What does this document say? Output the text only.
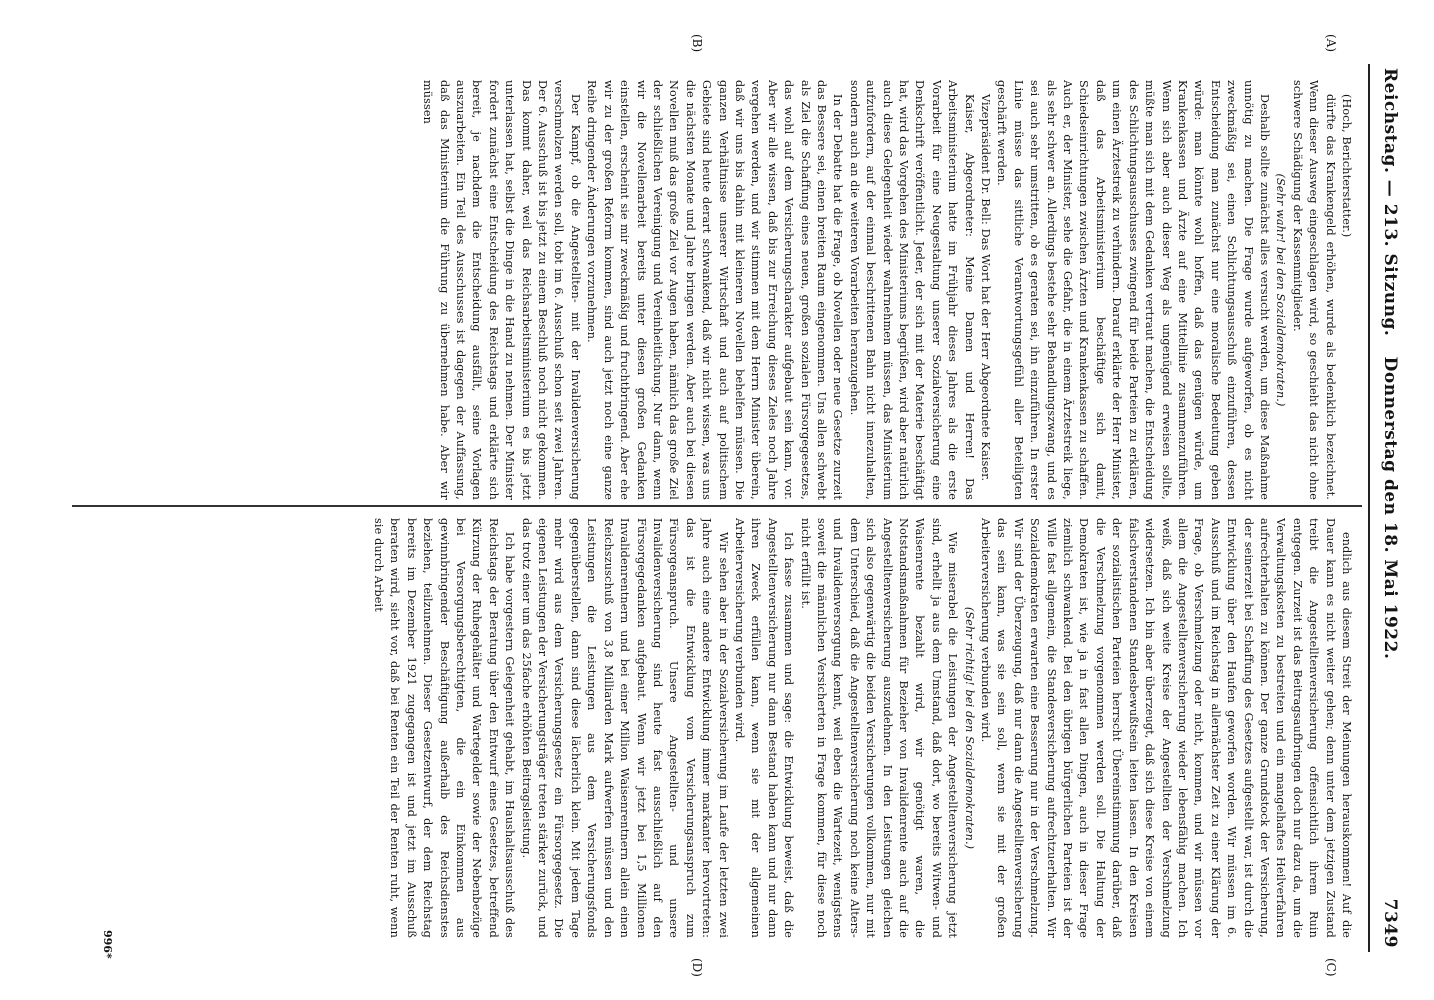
Reichstag. — 213. Sitzung.
Donnerstag den 18. Mai 1922.
7349
(A)
(B)
(C)
(D)

(Hoch, Berichterstatter.)

dürfte das Krankengeld erhöhen, wurde als bedenklich bezeichnet. Wenn dieser Ausweg eingeschlagen wird, so geschieht das nicht ohne schwere Schädigung der Kassenmitglieder.

(Sehr wahr! bei den Sozialdemokraten.)

Deshalb sollte zunächst alles versucht werden, um diese Maßnahme unnötig zu machen. Die Frage wurde aufgeworfen, ob es nicht zweckmäßig sei, einen Schlichtungsausschuß einzuführen, dessen Entscheidung man zunächst nur eine moralische Bedeutung geben würde: man könnte wohl hoffen, daß das genügen würde, um Krankenkassen und Ärzte auf eine Mittellinie zusammenzuführen. Wenn sich aber auch dieser Weg als ungenügend erweisen sollte, müßte man sich mit dem Gedanken vertraut machen, die Entscheidung des Schlichtungsausschusses zwingend für beide Parteien zu erklären, um einen Ärztestreik zu verhindern. Darauf erklärte der Herr Minister, daß das Arbeitsministerium beschäftige sich damit, Schiedseinrichtungen zwischen Ärzten und Krankenkassen zu schaffen. Auch er, der Minister, sehe die Gefahr, die in einem Ärztestreik liege, als sehr schwer an. Allerdings bestehe sehr Behandlungszwang, und es sei auch sehr umstritten, ob es geraten sei, ihn einzuführen. In erster Linie müsse das sittliche Verantwortungsgefühl aller Beteiligten geschärft werden.

Vizepräsident Dr. Bell: Das Wort hat der Herr Abgeordnete Kaiser.

Kaiser, Abgeordneter: Meine Damen und Herren! Das Arbeitsministerium hatte im Frühjahr dieses Jahres als die erste Vorarbeit für eine Neugestaltung unserer Sozialversicherung eine Denkschrift veröffentlicht. Jeder, der sich mit der Materie beschäftigt hat, wird das Vorgehen des Ministeriums begrüßen, wird aber natürlich auch diese Gelegenheit wieder wahrnehmen müssen, das Ministerium aufzufordern, auf der einmal beschrittenen Bahn nicht innezuhalten, sondern auch an die weiteren Vorarbeiten heranzugehen.

In der Debatte hat die Frage, ob Novellen oder neue Gesetze zurzeit das Bessere sei, einen breiten Raum eingenommen. Uns allen schwebt als Ziel die Schaffung eines neuen, großen sozialen Fürsorgegesetzes, das wohl auf dem Versicherungscharakter aufgebaut sein kann, vor. Aber wir alle wissen, daß bis zur Erreichung dieses Zieles noch Jahre vergehen werden, und wir stimmen mit dem Herrn Minister überein, daß wir uns bis dahin mit kleineren Novellen behelfen müssen. Die ganzen Verhältnisse unserer Wirtschaft und auch auf politischem Gebiete sind heute derart schwankend, daß wir nicht wissen, was uns die nächsten Monate und Jahre bringen werden. Aber auch bei diesen Novellen muß das große Ziel vor Augen haben, nämlich das große Ziel der schließlichen Vereinigung und Vereinheitlichung. Nur dann, wenn wir die Novellenarbeit bereits unter diesen großen Gedanken einstellen, erscheint sie mir zweckmäßig und fruchtbringend. Aber ehe wir zu der großen Reform kommen, sind auch jetzt noch eine ganze Reihe dringender Änderungen vorzunehmen.

Der Kampf, ob die Angestellten- mit der Invalidenversicherung verschmolzen werden soll, tobt im 6. Ausschuß schon seit zwei Jahren. Der 6. Ausschuß ist bis jetzt zu einem Beschluß noch nicht gekommen. Das kommt daher, weil das Reichsarbeitsministerium es bis jetzt unterlassen hat, selbst die Dinge in die Hand zu nehmen. Der Minister fordert zunächst eine Entscheidung des Reichstags und erklärte sich bereit, je nachdem die Entscheidung ausfällt, seine Vorlagen auszuarbeiten. Ein Teil des Ausschusses ist dagegen der Auffassung, daß das Ministerium die Führung zu übernehmen habe. Aber wir müssen

endlich aus diesem Streit der Meinungen herauskommen! Auf die Dauer kann es nicht weiter gehen; denn unter dem jetzigen Zustand treibt die Angestelltenversicherung offensichtlich ihrem Ruin entgegen. Zurzeit ist das Beitragsaufbringen doch nur dazu da, um die Verwaltungskosten zu bestreiten und ein mangelhaftes Heilverfahren aufrechterhalten zu können. Der ganze Grundstock der Versicherung, der seinerzeit bei Schaffung des Gesetzes aufgestellt war, ist durch die Entwicklung über den Haufen geworfen worden. Wir müssen im 6. Ausschuß und im Reichstag in allernächster Zeit zu einer Klärung der Frage, ob Verschmelzung oder nicht, kommen, und wir müssen vor allem die Angestelltenversicherung wieder lebensfähig machen. Ich weiß, daß sich weite Kreise der Angestellten der Verschmelzung widersetzen. Ich bin aber überzeugt, daß sich diese Kreise von einem falschverstandenen Standesbewußtsein leiten lassen. In den Kreisen der sozialistischen Parteien herrscht Übereinstimmung darüber, daß die Verschmelzung vorgenommen werden soll. Die Haltung der Demokraten ist, wie ja in fast allen Dingen, auch in dieser Frage ziemlich schwankend. Bei den übrigen bürgerlichen Parteien ist der Wille fast allgemein, die Standesversicherung aufrechtzuerhalten. Wir Sozialdemokraten erwarten eine Besserung nur in der Verschmelzung. Wir sind der Überzeugung, daß nur dann die Angestelltenversicherung das sein kann, was sie sein soll, wenn sie mit der großen Arbeiterversicherung verbunden wird.

(Sehr richtig! bei den Sozialdemokraten.)

Wie miserabel die Leistungen der Angestelltenversicherung jetzt sind, erhellt ja aus dem Umstand, daß dort, wo bereits Witwen- und Waisenrente bezahlt wird, wir genötigt waren, die Notstandsmaßnahmen für Bezieher von Invalidenrente auch auf die Angestelltenversicherung auszudehnen. In den Leistungen gleichen sich also gegenwärtig die beiden Versicherungen vollkommen, nur mit dem Unterschied, daß die Angestelltenversicherung noch keine Alters- und Invalidenversorgung kennt, weil eben die Wartezeit, wenigstens soweit die männlichen Versicherten in Frage kommen, für diese noch nicht erfüllt ist.

Ich fasse zusammen und sage: die Entwicklung beweist, daß die Angestelltenversicherung nur dann Bestand haben kann und nur dann ihren Zweck erfüllen kann, wenn sie mit der allgemeinen Arbeiterversicherung verbunden wird.

Wir sehen aber in der Sozialversicherung im Laufe der letzten zwei Jahre auch eine andere Entwicklung immer markanter hervortreten: das ist die Entwicklung vom Versicherungsanspruch zum Fürsorgeanspruch. Unsere Angestellten- und unsere Invalidenversicherung sind heute fast ausschließlich auf den Fürsorgegedanken aufgebaut. Wenn wir jetzt bei 1,5 Millionen Invalidenrentnern und bei einer Million Waisenrentnern allein einen Reichszuschuß von 3,8 Milliarden Mark aufwerfen müssen und den Leistungen die Leistungen aus dem Versicherungsfonds gegenüberstellen, dann sind diese lächerlich klein. Mit jedem Tage mehr wird aus dem Versicherungsgesetz ein Fürsorgegesetz. Die eigenen Leistungen der Versicherungsträger treten stärker zurück, und das trotz einer um das 25fache erhöhten Beitragsleistung.

Ich habe vorgestern Gelegenheit gehabt, im Haushaltsausschuß des Reichstags der Beratung über den Entwurf eines Gesetzes, betreffend Kürzung der Ruhegehälter und Wartegelder sowie der Nebenbezüge bei Versorgungsberechtigten, die ein Einkommen aus gewinnbringender Beschäftigung außerhalb des Reichsdienstes beziehen, teilzunehmen. Dieser Gesetzentwurf, der dem Reichstag bereits im Dezember 1921 zugegangen ist und jetzt im Ausschuß beraten wird, sieht vor, daß bei Renten ein Teil der Renten ruht, wenn sie durch Arbeit

996*
